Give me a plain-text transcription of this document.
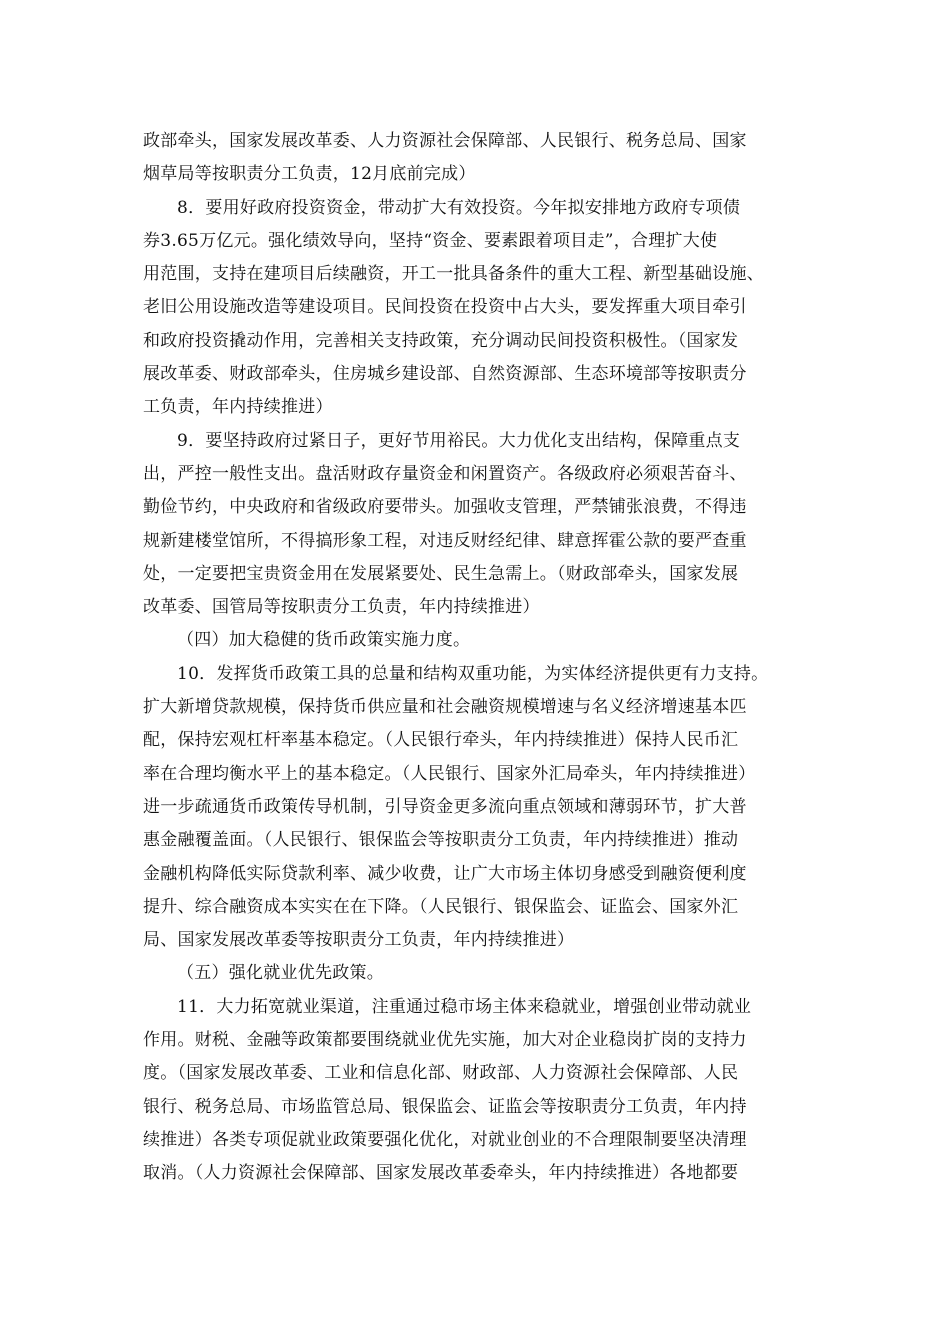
政部牵头，国家发展改革委、人力资源社会保障部、人民银行、税务总局、国家
烟草局等按职责分工负责，12月底前完成）
8．要用好政府投资资金，带动扩大有效投资。今年拟安排地方政府专项债
券3.65万亿元。强化绩效导向，坚持“资金、要素跟着项目走”，合理扩大使
用范围，支持在建项目后续融资，开工一批具备条件的重大工程、新型基础设施、
老旧公用设施改造等建设项目。民间投资在投资中占大头，要发挥重大项目牵引
和政府投资撬动作用，完善相关支持政策，充分调动民间投资积极性。（国家发
展改革委、财政部牵头，住房城乡建设部、自然资源部、生态环境部等按职责分
工负责，年内持续推进）
9．要坚持政府过紧日子，更好节用裕民。大力优化支出结构，保障重点支
出，严控一般性支出。盘活财政存量资金和闲置资产。各级政府必须艰苦奋斗、
勤俭节约，中央政府和省级政府要带头。加强收支管理，严禁铺张浪费，不得违
规新建楼堂馆所，不得搞形象工程，对违反财经纪律、肆意挥霍公款的要严查重
处，一定要把宝贵资金用在发展紧要处、民生急需上。（财政部牵头，国家发展
改革委、国管局等按职责分工负责，年内持续推进）
（四）加大稳健的货币政策实施力度。
10．发挥货币政策工具的总量和结构双重功能，为实体经济提供更有力支持。
扩大新增贷款规模，保持货币供应量和社会融资规模增速与名义经济增速基本匹
配，保持宏观杠杆率基本稳定。（人民银行牵头，年内持续推进）保持人民币汇
率在合理均衡水平上的基本稳定。（人民银行、国家外汇局牵头，年内持续推进）
进一步疏通货币政策传导机制，引导资金更多流向重点领域和薄弱环节，扩大普
惠金融覆盖面。（人民银行、银保监会等按职责分工负责，年内持续推进）推动
金融机构降低实际贷款利率、减少收费，让广大市场主体切身感受到融资便利度
提升、综合融资成本实实在在下降。（人民银行、银保监会、证监会、国家外汇
局、国家发展改革委等按职责分工负责，年内持续推进）
（五）强化就业优先政策。
11．大力拓宽就业渠道，注重通过稳市场主体来稳就业，增强创业带动就业
作用。财税、金融等政策都要围绕就业优先实施，加大对企业稳岗扩岗的支持力
度。（国家发展改革委、工业和信息化部、财政部、人力资源社会保障部、人民
银行、税务总局、市场监管总局、银保监会、证监会等按职责分工负责，年内持
续推进）各类专项促就业政策要强化优化，对就业创业的不合理限制要坚决清理
取消。（人力资源社会保障部、国家发展改革委牵头，年内持续推进）各地都要
